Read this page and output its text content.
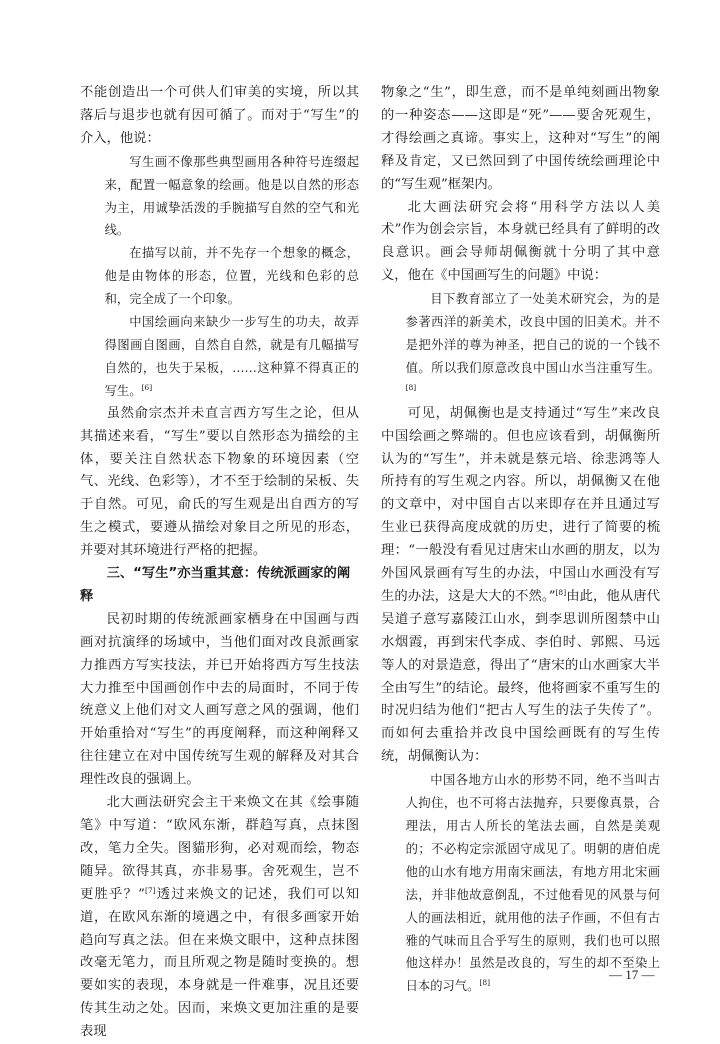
不能创造出一个可供人们审美的实境，所以其落后与退步也就有因可循了。而对于“写生”的介入，他说：

写生画不像那些典型画用各种符号连缀起来，配置一幅意象的绘画。他是以自然的形态为主，用诚挚活泼的手腕描写自然的空气和光线。

在描写以前，并不先存一个想象的概念，他是由物体的形态，位置，光线和色彩的总和，完全成了一个印象。

中国绘画向来缺少一步写生的功夫，故弄得图画自图画，自然自自然，就是有几幅描写自然的，也失于呆板，……这种算不得真正的写生。[6]

虽然俞宗杰并未直言西方写生之论，但从其描述来看，“写生”要以自然形态为描绘的主体，要关注自然状态下物象的环境因素（空气、光线、色彩等），才不至于绘制的呆板、失于自然。可见，俞氏的写生观是出自西方的写生之模式，要遵从描绘对象目之所见的形态，并要对其环境进行严格的把握。

三、“写生”亦当重其意：传统派画家的阐释

民初时期的传统派画家栖身在中国画与西画对抗演绎的场域中，当他们面对改良派画家力推西方写实技法，并已开始将西方写生技法大力推至中国画创作中去的局面时，不同于传统意义上他们对文人画写意之风的强调，他们开始重拾对“写生”的再度阐释，而这种阐释又往往建立在对中国传统写生观的解释及对其合理性改良的强调上。

北大画法研究会主干来焕文在其《绘事随笔》中写道：“欧风东渐，群趋写真，点抹图改，笔力全失。图貓形狗，必对观而绘，物态随异。欲得其真，亦非易事。舍死观生，岂不更胜乎？”[7]透过来焕文的记述，我们可以知道，在欧风东渐的境遇之中，有很多画家开始趋向写真之法。但在来焕文眼中，这种点抹图改毫无笔力，而且所观之物是随时变换的。想要如实的表现，本身就是一件难事，况且还要传其生动之处。因而，来焕文更加注重的是要表现

物象之“生”，即生意，而不是单纯刻画出物象的一种姿态——这即是“死”——要舍死观生，才得绘画之真谛。事实上，这种对“写生”的阐释及肯定，又已然回到了中国传统绘画理论中的“写生观”框架内。

北大画法研究会将“用科学方法以人美术”作为创会宗旨，本身就已经具有了鲜明的改良意识。画会导师胡佩衡就十分明了其中意义，他在《中国画写生的问题》中说：

目下教育部立了一处美术研究会，为的是参著西洋的新美术，改良中国的旧美术。并不是把外洋的尊为神圣，把自己的说的一个钱不值。所以我们原意改良中国山水当注重写生。[8]

可见，胡佩衡也是支持通过“写生”来改良中国绘画之弊端的。但也应该看到，胡佩衡所认为的“写生”，并未就是蔡元培、徐悲鸿等人所持有的写生观之内容。所以，胡佩衡又在他的文章中，对中国自古以来即存在并且通过写生业已获得高度成就的历史，进行了简要的梳理：“一般没有看见过唐宋山水画的朋友，以为外国风景画有写生的办法，中国山水画没有写生的办法，这是大大的不然。”[8]由此，他从唐代吴道子意写嘉陵江山水，到李思训所图禁中山水烟霞，再到宋代李成、李伯时、郭熙、马远等人的对景造意，得出了“唐宋的山水画家大半全由写生”的结论。最终，他将画家不重写生的时况归结为他们“把古人写生的法子失传了”。而如何去重拾并改良中国绘画既有的写生传统，胡佩衡认为：

中国各地方山水的形势不同，绝不当叫古人拘住，也不可将古法抛弃，只要像真景，合理法，用古人所长的笔法去画，自然是美观的；不必构定宗派固守成见了。明朝的唐伯虎他的山水有地方用南宋画法，有地方用北宋画法，并非他故意倒乱，不过他看见的风景与何人的画法相近，就用他的法子作画，不但有古雅的气味而且合乎写生的原则，我们也可以照他这样办！虽然是改良的，写生的却不至染上日本的习气。[8]

— 17 —
